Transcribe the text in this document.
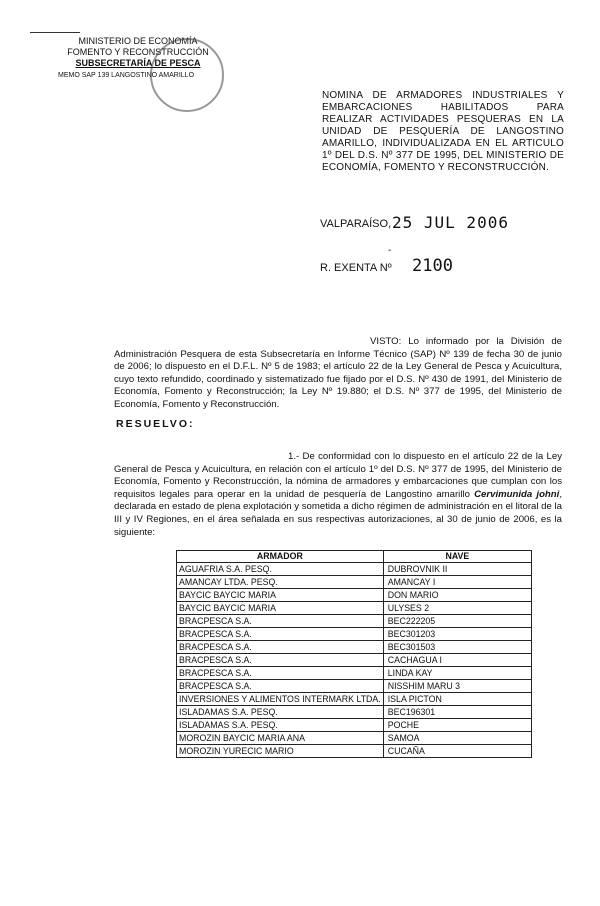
MINISTERIO DE ECONOMÍA
FOMENTO Y RECONSTRUCCIÓN
SUBSECRETARÍA DE PESCA
MEMO SAP 139 LANGOSTINO AMARILLO
NOMINA DE ARMADORES INDUSTRIALES Y EMBARCACIONES HABILITADOS PARA REALIZAR ACTIVIDADES PESQUERAS EN LA UNIDAD DE PESQUERÍA DE LANGOSTINO AMARILLO, INDIVIDUALIZADA EN EL ARTICULO 1º DEL D.S. Nº 377 DE 1995, DEL MINISTERIO DE ECONOMÍA, FOMENTO Y RECONSTRUCCIÓN.
VALPARAÍSO, 25 JUL 2006
-
R. EXENTA Nº 2100

VISTO: Lo informado por la División de Administración Pesquera de esta Subsecretaría en Informe Técnico (SAP) Nº 139 de fecha 30 de junio de 2006; lo dispuesto en el D.F.L. Nº 5 de 1983; el artículo 22 de la Ley General de Pesca y Acuicultura, cuyo texto refundido, coordinado y sistematizado fue fijado por el D.S. Nº 430 de 1991, del Ministerio de Economía, Fomento y Reconstrucción; la Ley Nº 19.880; el D.S. Nº 377 de 1995, del Ministerio de Economía, Fomento y Reconstrucción.

RESUELVO:

1.- De conformidad con lo dispuesto en el artículo 22 de la Ley General de Pesca y Acuicultura, en relación con el artículo 1º del D.S. Nº 377 de 1995, del Ministerio de Economía, Fomento y Reconstrucción, la nómina de armadores y embarcaciones que cumplan con los requisitos legales para operar en la unidad de pesquería de Langostino amarillo Cervimunida johni, declarada en estado de plena explotación y sometida a dicho régimen de administración en el litoral de la III y IV Regiones, en el área señalada en sus respectivas autorizaciones, al 30 de junio de 2006, es la siguiente:

ARMADOR	NAVE
AGUAFRIA S.A. PESQ.	DUBROVNIK II
AMANCAY LTDA. PESQ.	AMANCAY I
BAYCIC BAYCIC MARIA	DON MARIO
BAYCIC BAYCIC MARIA	ULYSES 2
BRACPESCA S.A.	BEC222205
BRACPESCA S.A.	BEC301203
BRACPESCA S.A.	BEC301503
BRACPESCA S.A.	CACHAGUA I
BRACPESCA S.A.	LINDA KAY
BRACPESCA S.A.	NISSHIM MARU 3
INVERSIONES Y ALIMENTOS INTERMARK LTDA.	ISLA PICTON
ISLADAMAS S.A. PESQ.	BEC196301
ISLADAMAS S.A. PESQ.	POCHE
MOROZIN BAYCIC MARIA ANA	SAMOA
MOROZIN YURECIC MARIO	CUCAÑA
